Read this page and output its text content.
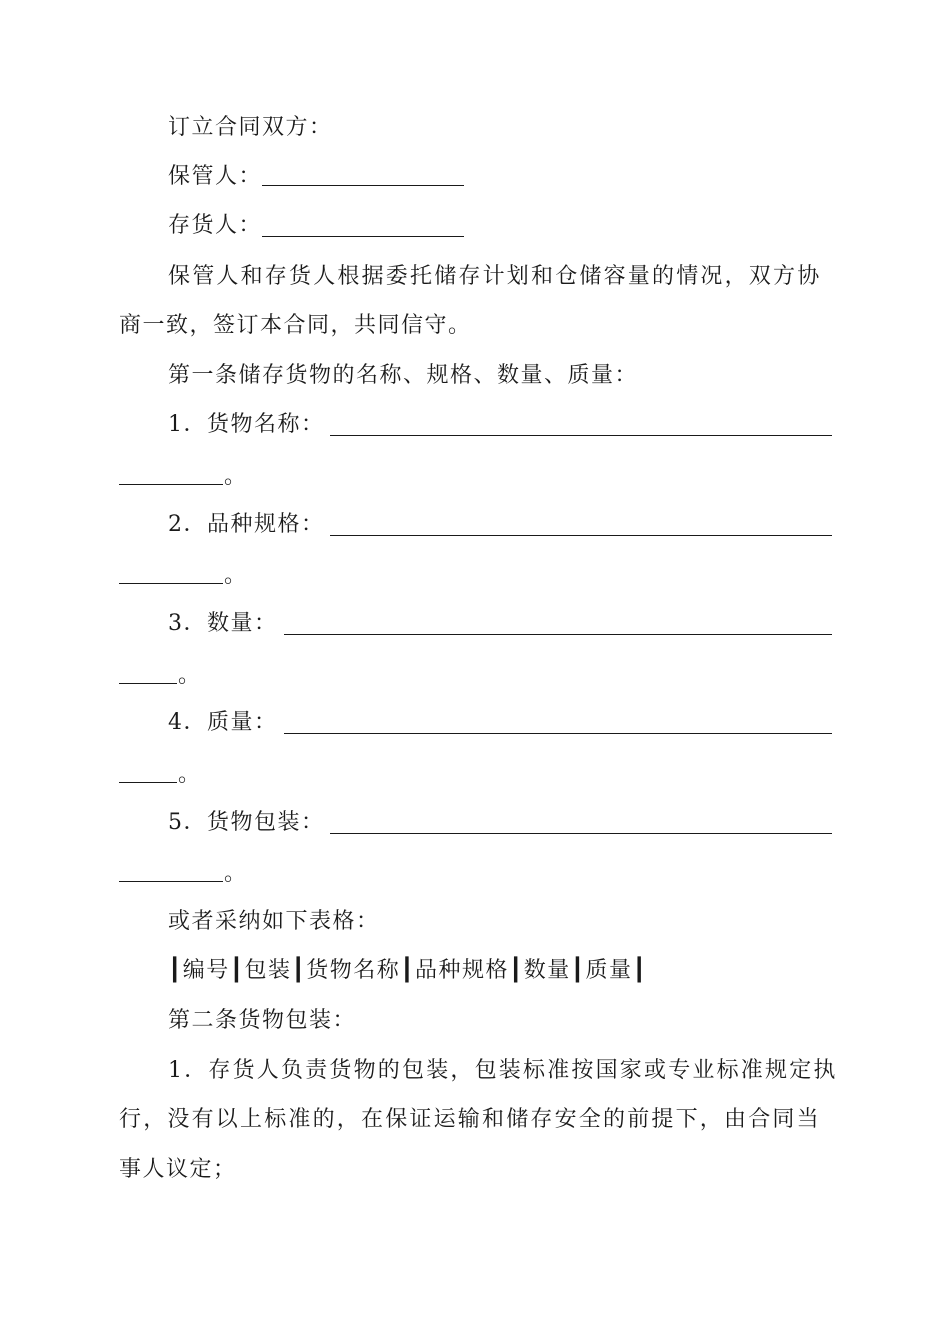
订立合同双方：
保管人：
存货人：
保管人和存货人根据委托储存计划和仓储容量的情况，双方协
商一致，签订本合同，共同信守。
第一条储存货物的名称、规格、数量、质量：
1．货物名称：
。
2．品种规格：
。
3．数量：
。
4．质量：
。
5．货物包装：
。
或者采纳如下表格：
┃编号┃包装┃货物名称┃品种规格┃数量┃质量┃
第二条货物包装：
1．存货人负责货物的包装，包装标准按国家或专业标准规定执
行，没有以上标准的，在保证运输和储存安全的前提下，由合同当
事人议定；
